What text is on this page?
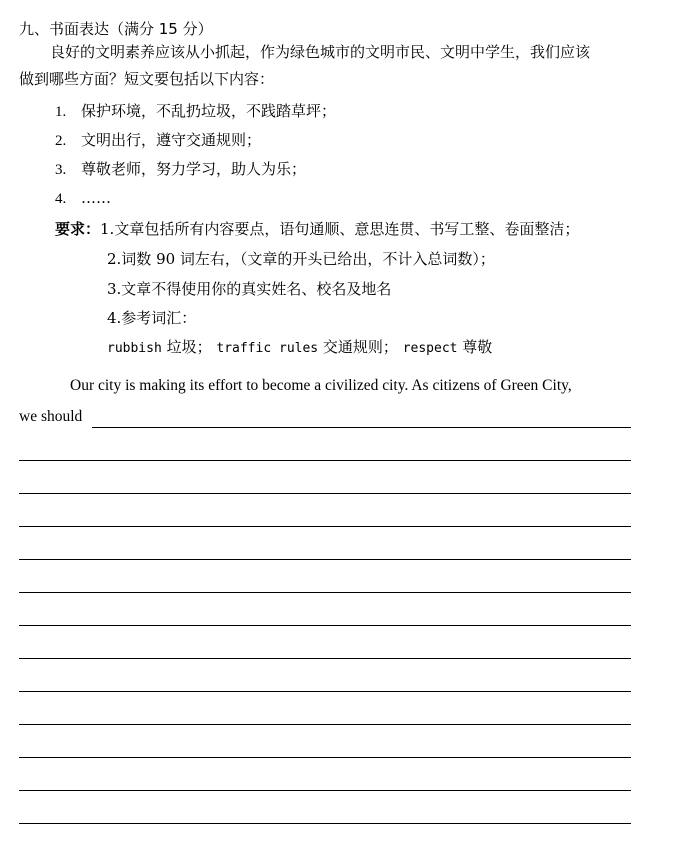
九、书面表达（满分 15 分）
良好的文明素养应该从小抓起，作为绿色城市的文明市民、文明中学生，我们应该
做到哪些方面？短文要包括以下内容：
1. 保护环境，不乱扔垃圾，不践踏草坪；
2. 文明出行，遵守交通规则；
3. 尊敬老师，努力学习，助人为乐；
4. ……
要求：1.文章包括所有内容要点，语句通顺、意思连贯、书写工整、卷面整洁；
2.词数 90 词左右，（文章的开头已给出，不计入总词数）；
3.文章不得使用你的真实姓名、校名及地名
4.参考词汇：
rubbish 垃圾； traffic rules 交通规则； respect 尊敬
Our city is making its effort to become a civilized city. As citizens of Green City,
we should
